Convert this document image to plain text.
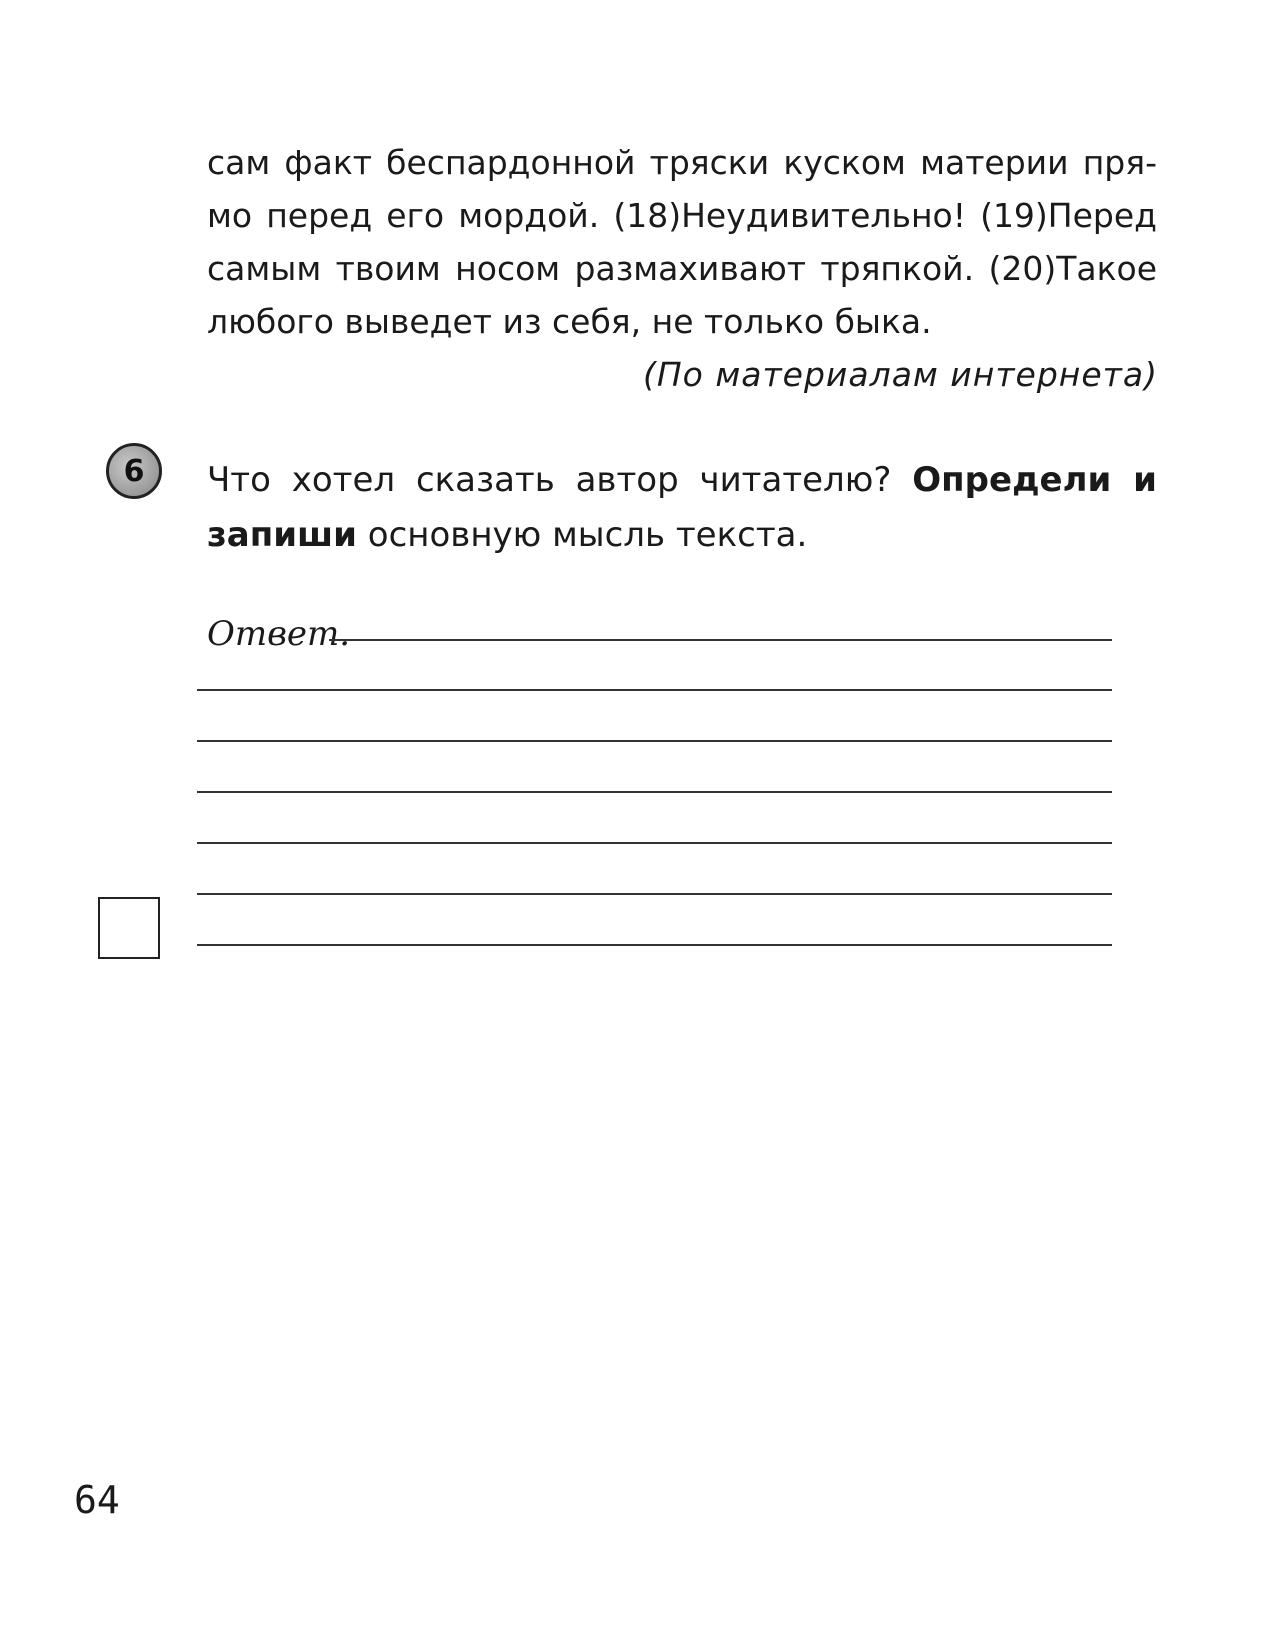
сам факт беспардонной тряски куском материи пря-
мо перед его мордой. (18)Неудивительно! (19)Перед
самым твоим носом размахивают тряпкой. (20)Такое
любого выведет из себя, не только быка.
(По материалам интернета)
6 Что хотел сказать автор читателю? Определи и
запиши основную мысль текста.
Ответ.
64
